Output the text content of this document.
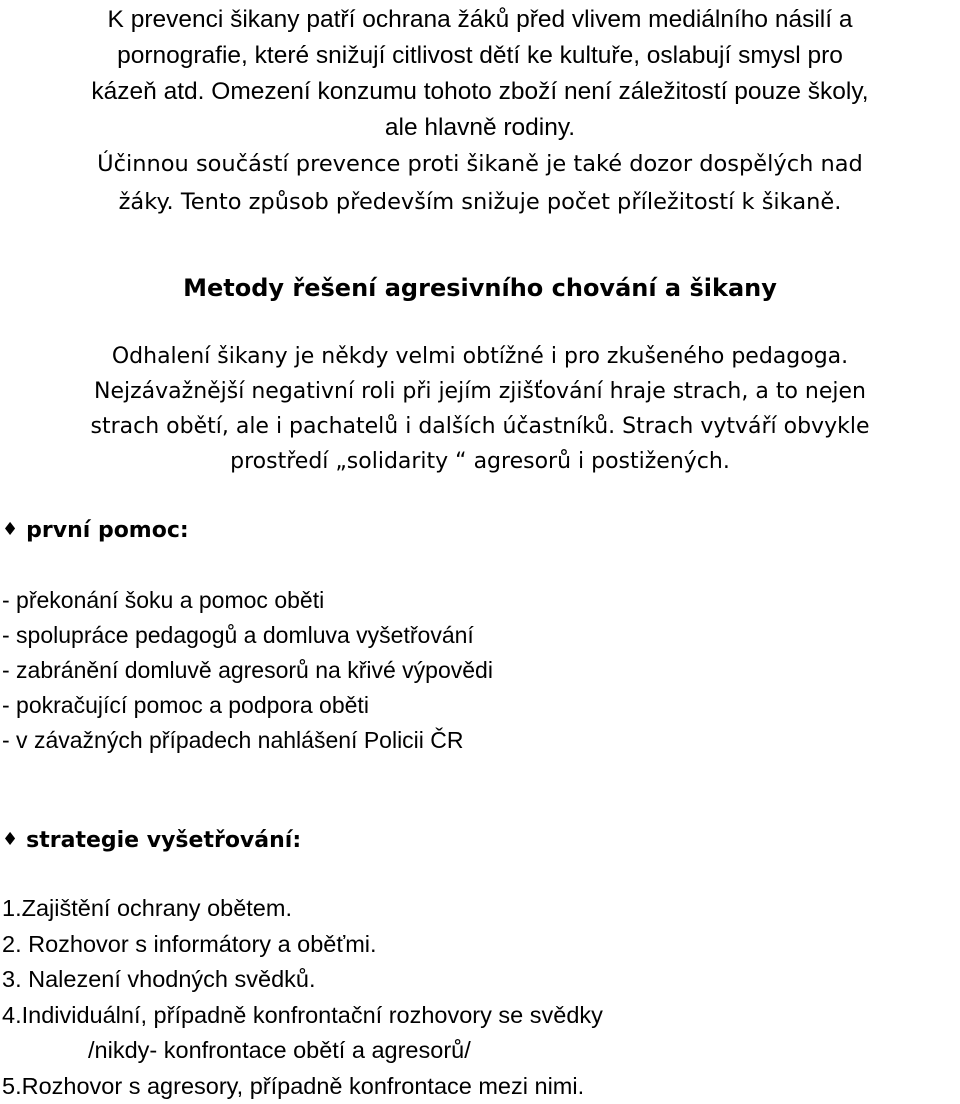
K prevenci šikany patří ochrana žáků před vlivem mediálního násilí a
pornografie, které snižují citlivost dětí ke kultuře, oslabují smysl pro
kázeň atd. Omezení konzumu tohoto zboží není záležitostí pouze školy,
ale hlavně rodiny.

Účinnou součástí prevence proti šikaně je také dozor dospělých nad
žáky. Tento způsob především snižuje počet příležitostí k šikaně.

Metody řešení agresivního chování a šikany
Odhalení šikany je někdy velmi obtížné i pro zkušeného pedagoga.
Nejzávažnější negativní roli při jejím zjišťování hraje strach, a to nejen
strach obětí, ale i pachatelů i dalších účastníků. Strach vytváří obvykle
prostředí „solidarity “ agresorů i postižených.
♦ první pomoc:
- překonání šoku a pomoc oběti
- spolupráce pedagogů a domluva vyšetřování
- zabránění domluvě agresorů na křivé výpovědi
- pokračující pomoc a podpora oběti
- v závažných případech nahlášení Policii ČR
♦ strategie vyšetřování:
1.Zajištění ochrany obětem.
2. Rozhovor s informátory a oběťmi.
3. Nalezení vhodných svědků.
4.Individuální, případně konfrontační rozhovory se svědky
/nikdy- konfrontace obětí a agresorů/
5.Rozhovor s agresory, případně konfrontace mezi nimi.
